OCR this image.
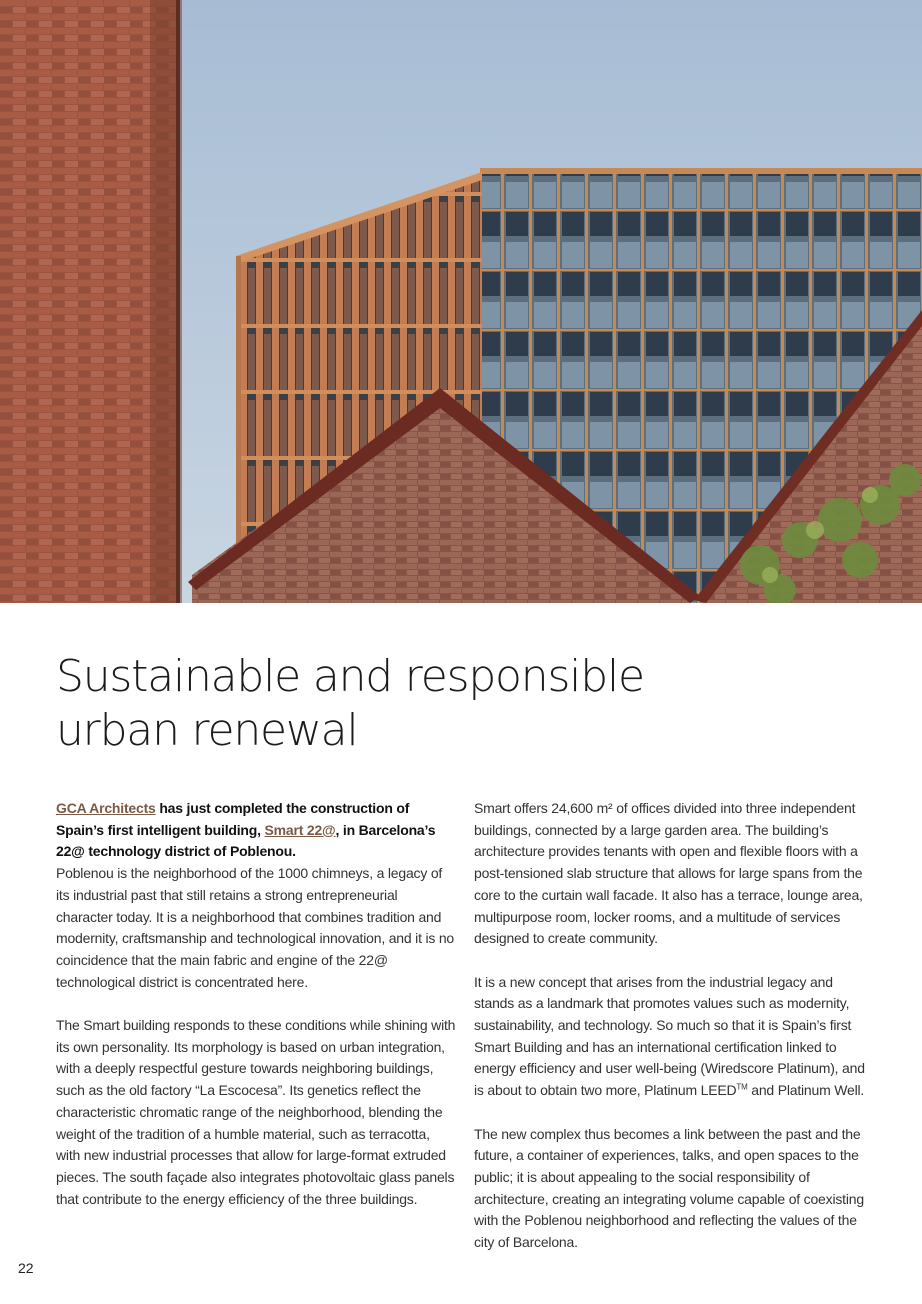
Sustainable and responsible
urban renewal

GCA Architects has just completed the construction of Spain’s first intelligent building, Smart 22@, in Barcelona’s 22@ technology district of Poblenou.

Poblenou is the neighborhood of the 1000 chimneys, a legacy of its industrial past that still retains a strong entrepreneurial character today. It is a neighborhood that combines tradition and modernity, craftsmanship and technological innovation, and it is no coincidence that the main fabric and engine of the 22@ technological district is concentrated here.

The Smart building responds to these conditions while shining with its own personality. Its morphology is based on urban integration, with a deeply respectful gesture towards neighboring buildings, such as the old factory “La Escocesa”. Its genetics reflect the characteristic chromatic range of the neighborhood, blending the weight of the tradition of a humble material, such as terracotta, with new industrial processes that allow for large-format extruded pieces. The south façade also integrates photovoltaic glass panels that contribute to the energy efficiency of the three buildings.

Smart offers 24,600 m² of offices divided into three independent buildings, connected by a large garden area. The building’s architecture provides tenants with open and flexible floors with a post-tensioned slab structure that allows for large spans from the core to the curtain wall facade. It also has a terrace, lounge area, multipurpose room, locker rooms, and a multitude of services designed to create community.

It is a new concept that arises from the industrial legacy and stands as a landmark that promotes values such as modernity, sustainability, and technology. So much so that it is Spain’s first Smart Building and has an international certification linked to energy efficiency and user well-being (Wiredscore Platinum), and is about to obtain two more, Platinum LEED™ and Platinum Well.

The new complex thus becomes a link between the past and the future, a container of experiences, talks, and open spaces to the public; it is about appealing to the social responsibility of architecture, creating an integrating volume capable of coexisting with the Poblenou neighborhood and reflecting the values of the city of Barcelona.

22
